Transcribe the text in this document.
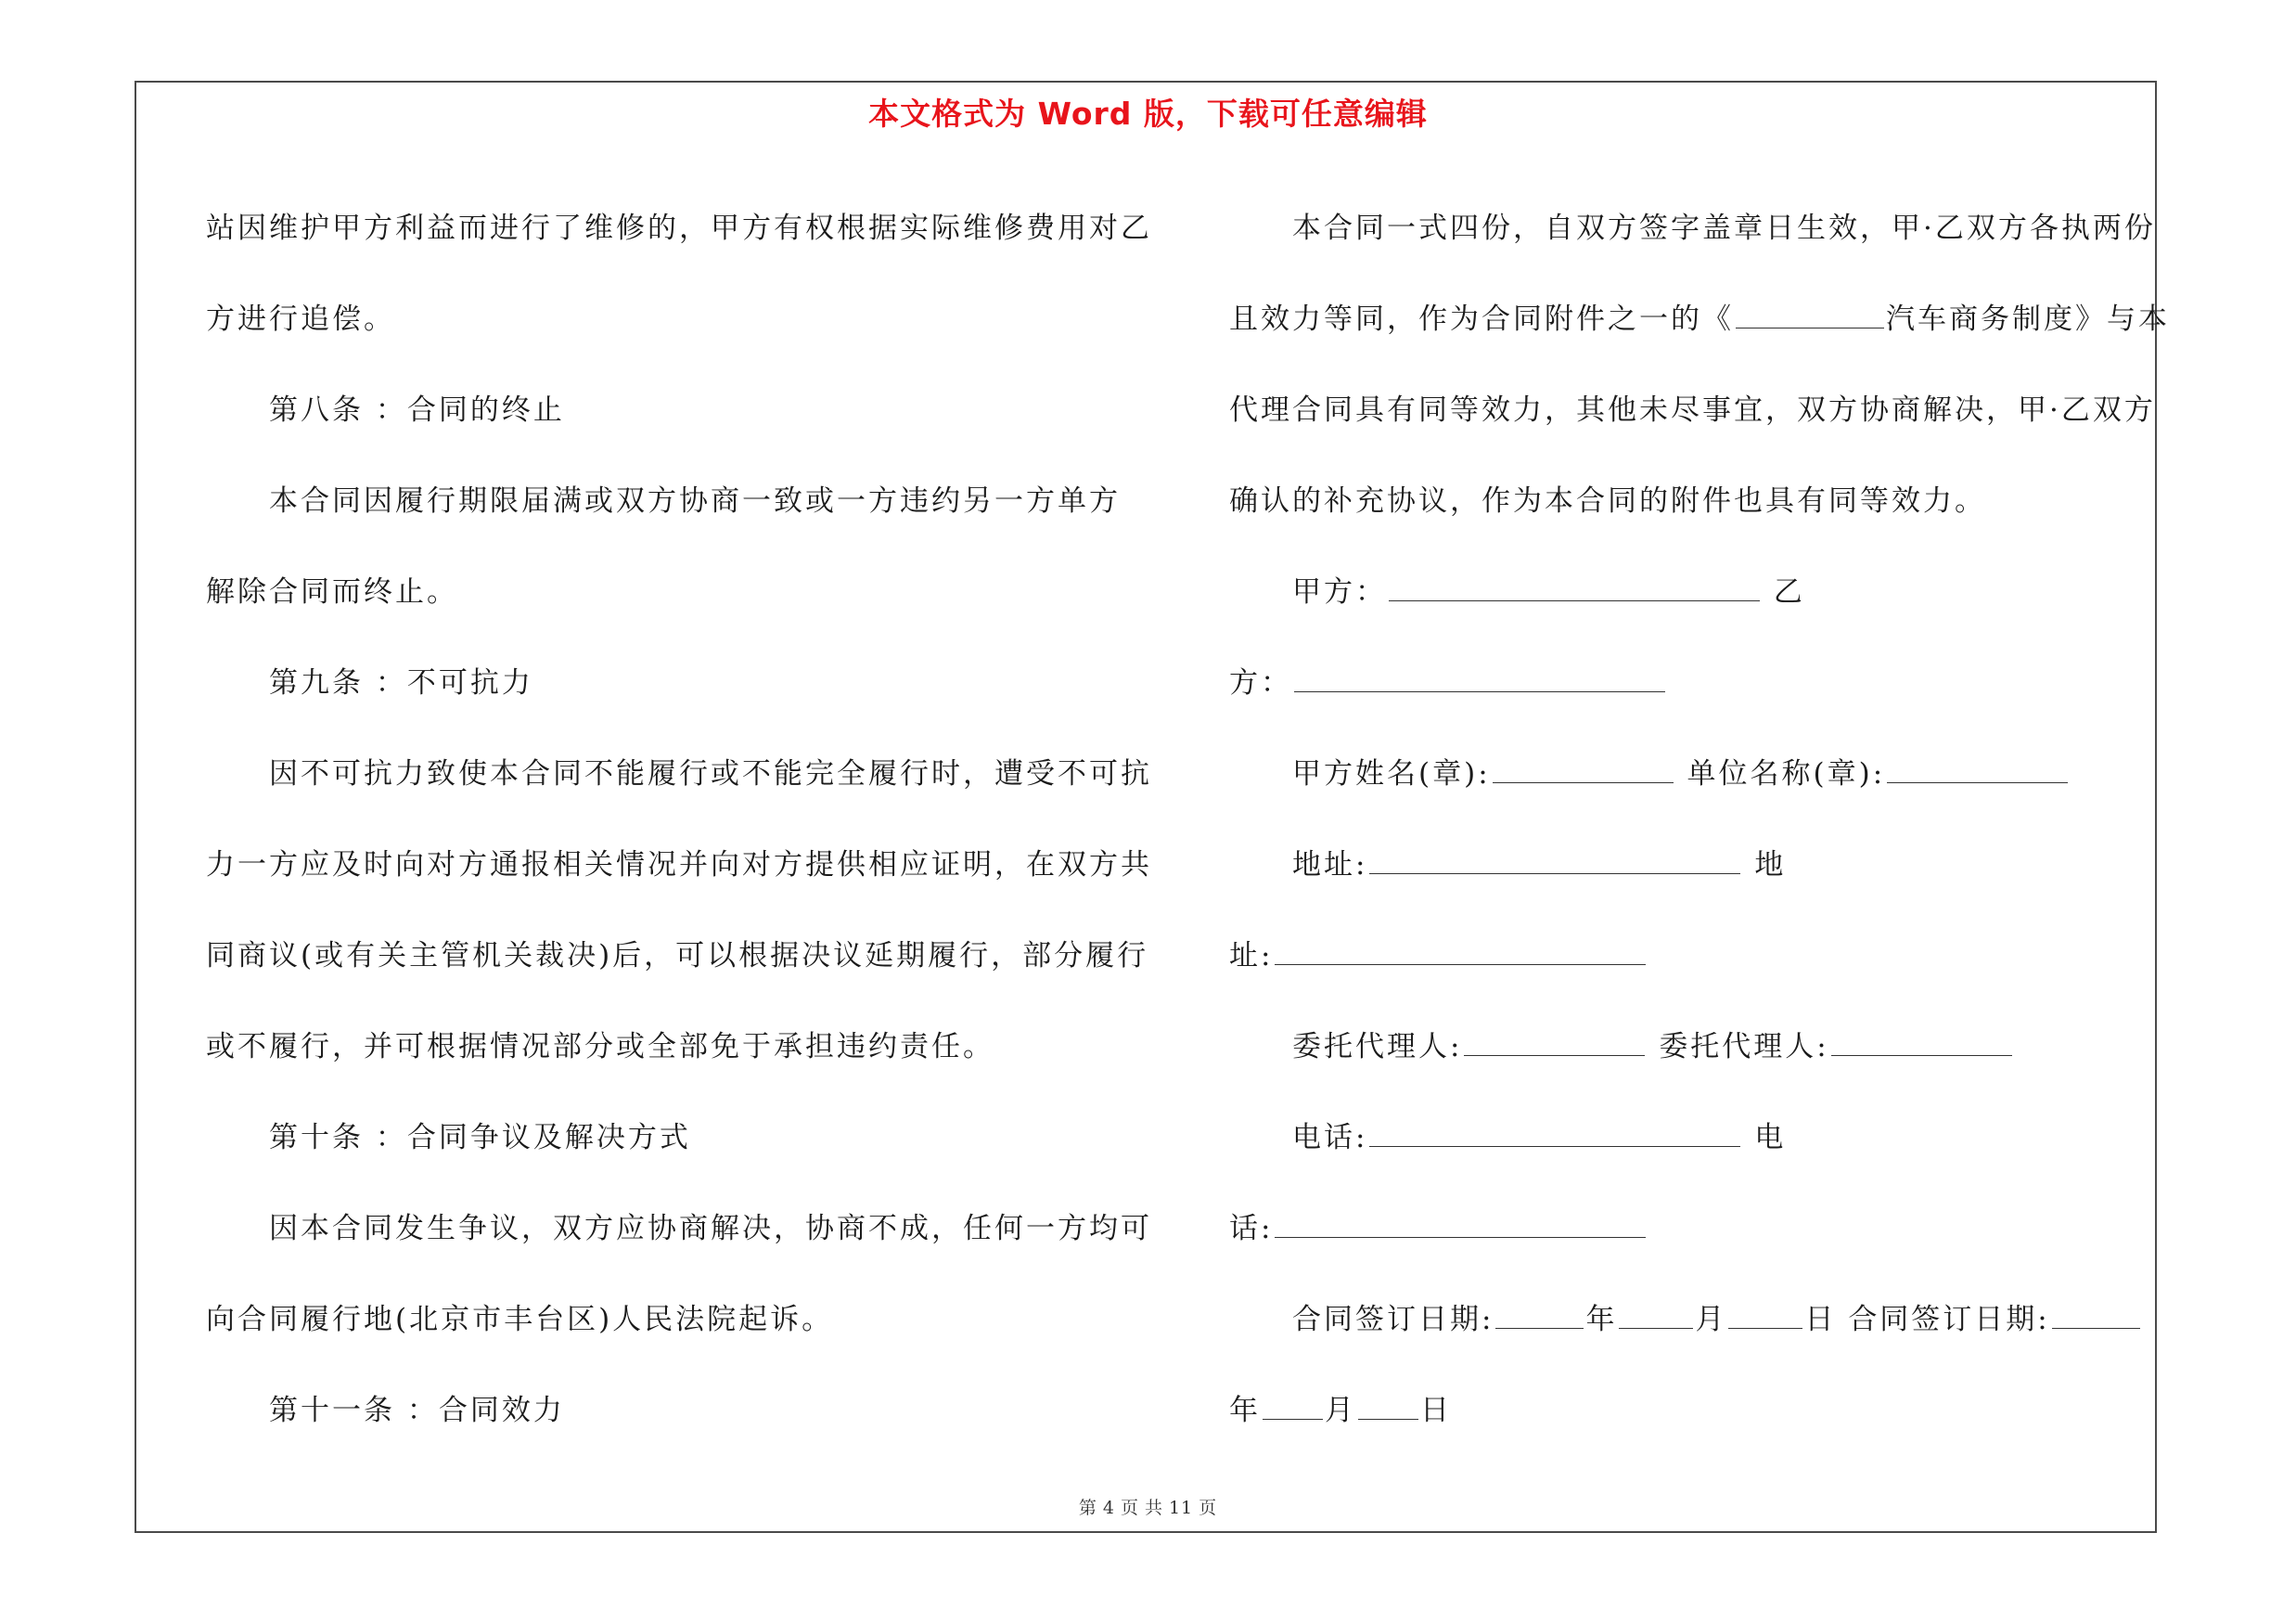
本文格式为 Word 版，下载可任意编辑
站因维护甲方利益而进行了维修的，甲方有权根据实际维修费用对乙
方进行追偿。
第八条 ：合同的终止
本合同因履行期限届满或双方协商一致或一方违约另一方单方
解除合同而终止。
第九条 ：不可抗力
因不可抗力致使本合同不能履行或不能完全履行时，遭受不可抗
力一方应及时向对方通报相关情况并向对方提供相应证明，在双方共
同商议(或有关主管机关裁决)后，可以根据决议延期履行，部分履行
或不履行，并可根据情况部分或全部免于承担违约责任。
第十条 ：合同争议及解决方式
因本合同发生争议，双方应协商解决，协商不成，任何一方均可
向合同履行地(北京市丰台区)人民法院起诉。
第十一条 ：合同效力
本合同一式四份，自双方签字盖章日生效，甲·乙双方各执两份
且效力等同，作为合同附件之一的《	汽车商务制度》与本
代理合同具有同等效力，其他未尽事宜，双方协商解决，甲·乙双方
确认的补充协议，作为本合同的附件也具有同等效力。
甲方：	乙
方：
甲方姓名(章):	单位名称(章):
地址:	地
址:
委托代理人:	委托代理人:
电话:	电
话:
合同签订日期:	年	月	日 合同签订日期:
年 月 日
第 4 页 共 11 页
